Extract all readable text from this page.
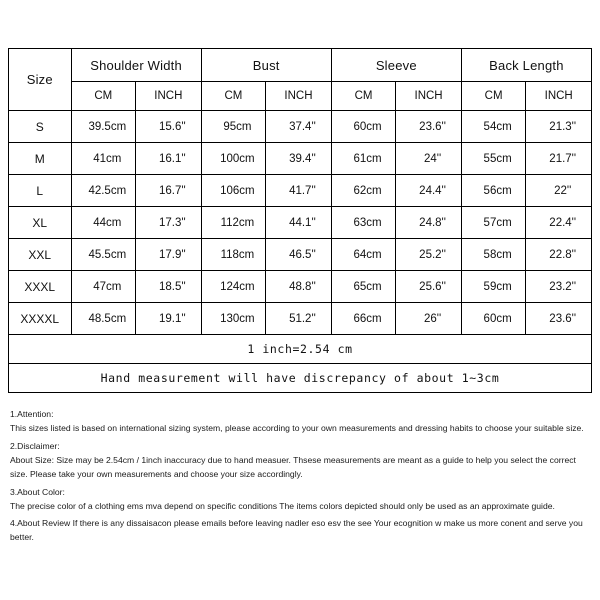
Size	Shoulder Width		Bust		Sleeve		Back Length	
	CM	INCH	CM	INCH	CM	INCH	CM	INCH
S	39.5cm	15.6''	95cm	37.4''	60cm	23.6''	54cm	21.3''
M	41cm	16.1''	100cm	39.4''	61cm	24''	55cm	21.7''
L	42.5cm	16.7''	106cm	41.7''	62cm	24.4''	56cm	22''
XL	44cm	17.3''	112cm	44.1''	63cm	24.8''	57cm	22.4''
XXL	45.5cm	17.9''	118cm	46.5''	64cm	25.2''	58cm	22.8''
XXXL	47cm	18.5''	124cm	48.8''	65cm	25.6''	59cm	23.2''
XXXXL	48.5cm	19.1''	130cm	51.2''	66cm	26''	60cm	23.6''
1 inch=2.54 cm								
Hand measurement will have discrepancy of about 1~3cm								

1.Attention:

This sizes listed is based on international sizing system, please according to your own measurements and dressing habits to choose your suitable size.

2.Disclaimer:

About Size: Size may be 2.54cm / 1inch inaccuracy due to hand measuer. Thsese measurements are meant as a guide to help you select the correct size. Please take your own measurements and choose your size accordingly.

3.About Color:

The precise color of a clothing ems mva depend on specific conditions The items colors depicted should only be used as an approximate guide.

4.About Review If there is any dissaisacon please emails before leaving nadler eso esv the see Your ecognition w make us more conent and serve you better.
